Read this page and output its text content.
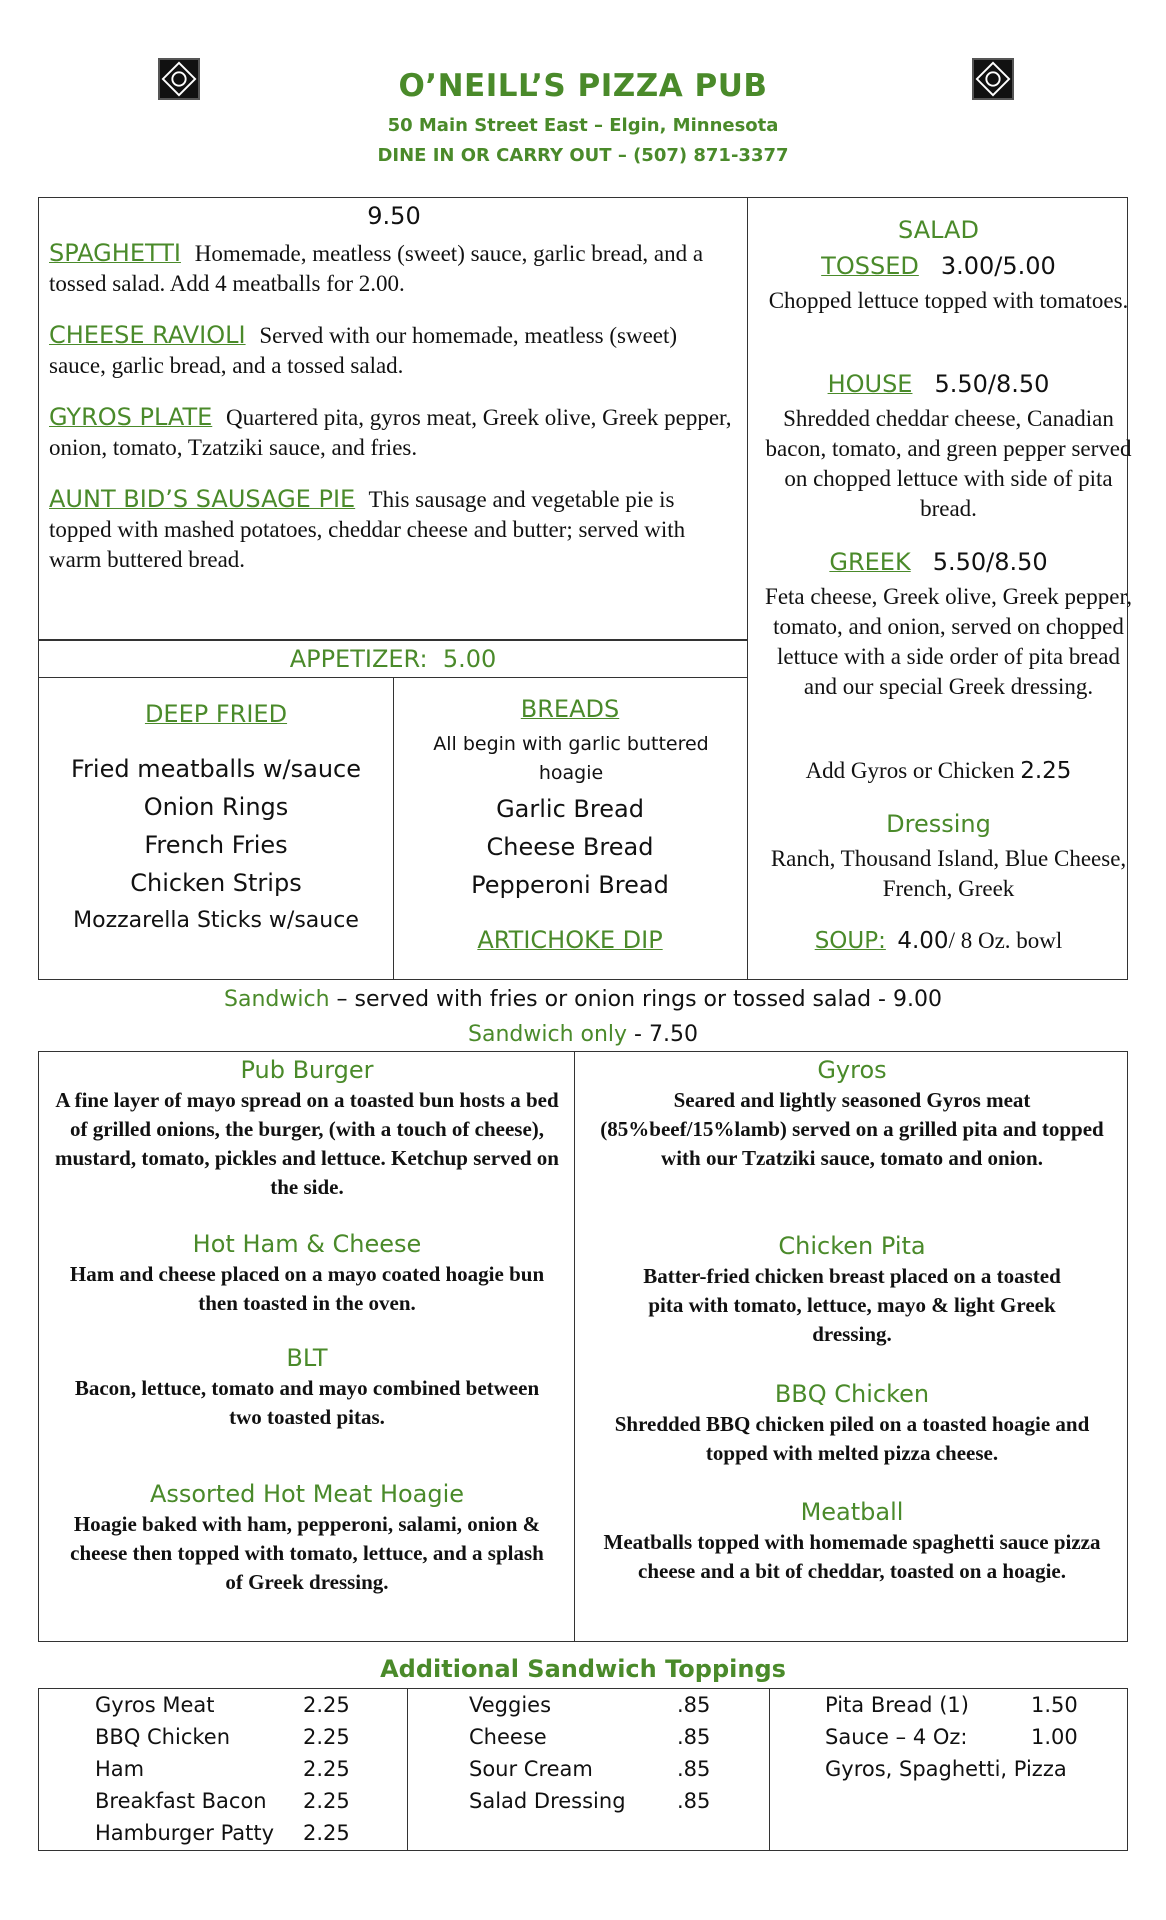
O’NEILL’S PIZZA PUB
50 Main Street East – Elgin, Minnesota
DINE IN OR CARRY OUT – (507) 871-3377
9.50
SPAGHETTI Homemade, meatless (sweet) sauce, garlic bread, and a tossed salad. Add 4 meatballs for 2.00.
CHEESE RAVIOLI Served with our homemade, meatless (sweet) sauce, garlic bread, and a tossed salad.
GYROS PLATE Quartered pita, gyros meat, Greek olive, Greek pepper, onion, tomato, Tzatziki sauce, and fries.
AUNT BID’S SAUSAGE PIE This sausage and vegetable pie is topped with mashed potatoes, cheddar cheese and butter; served with warm buttered bread.
APPETIZER: 5.00
DEEP FRIED
Fried meatballs w/sauce
Onion Rings
French Fries
Chicken Strips
Mozzarella Sticks w/sauce
BREADS
All begin with garlic buttered hoagie
Garlic Bread
Cheese Bread
Pepperoni Bread
ARTICHOKE DIP
SALAD
TOSSED 3.00/5.00
Chopped lettuce topped with tomatoes.
HOUSE 5.50/8.50
Shredded cheddar cheese, Canadian bacon, tomato, and green pepper served on chopped lettuce with side of pita bread.
GREEK 5.50/8.50
Feta cheese, Greek olive, Greek pepper, tomato, and onion, served on chopped lettuce with a side order of pita bread and our special Greek dressing.
Add Gyros or Chicken 2.25
Dressing
Ranch, Thousand Island, Blue Cheese, French, Greek
SOUP: 4.00/ 8 Oz. bowl
Sandwich – served with fries or onion rings or tossed salad - 9.00
Sandwich only - 7.50
Pub Burger
A fine layer of mayo spread on a toasted bun hosts a bed of grilled onions, the burger, (with a touch of cheese), mustard, tomato, pickles and lettuce. Ketchup served on the side.
Hot Ham & Cheese
Ham and cheese placed on a mayo coated hoagie bun then toasted in the oven.
BLT
Bacon, lettuce, tomato and mayo combined between two toasted pitas.
Assorted Hot Meat Hoagie
Hoagie baked with ham, pepperoni, salami, onion & cheese then topped with tomato, lettuce, and a splash of Greek dressing.
Gyros
Seared and lightly seasoned Gyros meat (85%beef/15%lamb) served on a grilled pita and topped with our Tzatziki sauce, tomato and onion.
Chicken Pita
Batter-fried chicken breast placed on a toasted pita with tomato, lettuce, mayo & light Greek dressing.
BBQ Chicken
Shredded BBQ chicken piled on a toasted hoagie and topped with melted pizza cheese.
Meatball
Meatballs topped with homemade spaghetti sauce pizza cheese and a bit of cheddar, toasted on a hoagie.
Additional Sandwich Toppings
Gyros Meat	2.25
BBQ Chicken	2.25
Ham	2.25
Breakfast Bacon 2.25
Hamburger Patty 2.25
Veggies	.85
Cheese	.85
Sour Cream	.85
Salad Dressing .85
Pita Bread (1)	1.50
Sauce – 4 Oz:	1.00
Gyros, Spaghetti, Pizza
